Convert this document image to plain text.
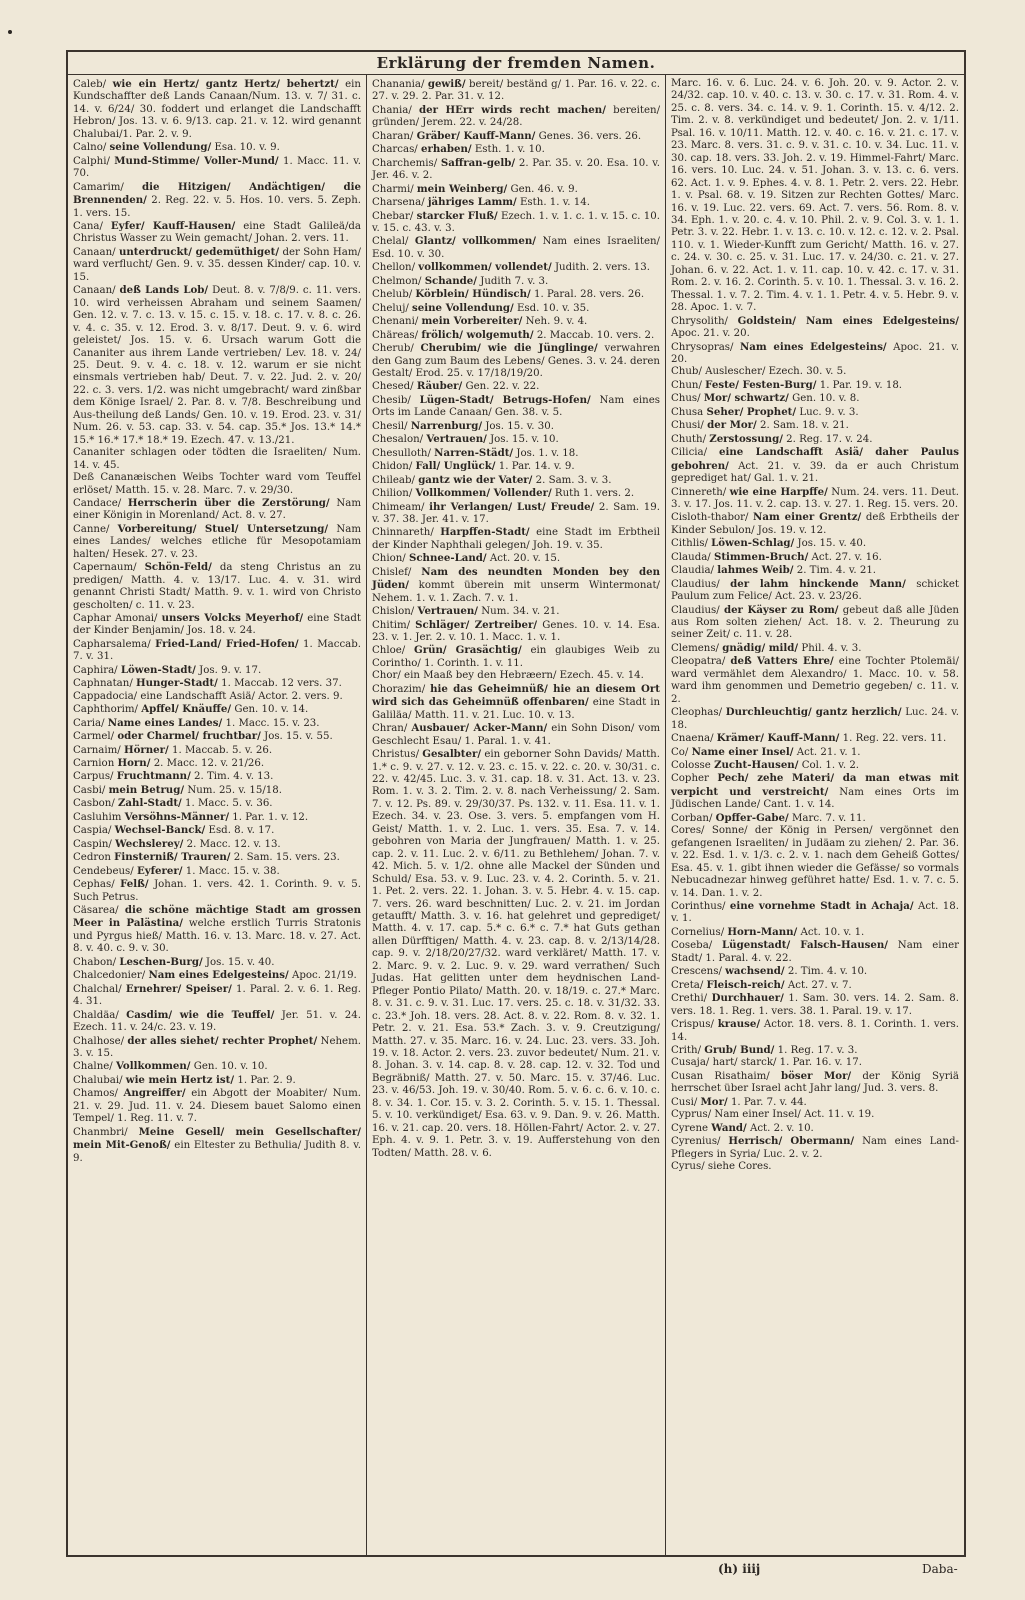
Erklärung der fremden Namen.
Caleb/ wie ein Hertz/ gantz Hertz/ behertzt/ ein Kundschaffter deß Lands Canaan/Num. 13. v. 7/ 31. c. 14. v. 6/24/ 30. foddert und erlanget die Landschafft Hebron/ Jos. 13. v. 6. 9/13. cap. 21. v. 12. wird genannt Chalubai/1. Par. 2. v. 9.
Calno/ seine Vollendung/ Esa. 10. v. 9.
Calphi/ Mund-Stimme/ Voller-Mund/ 1. Macc. 11. v. 70.
Camarim/ die Hitzigen/ Andächtigen/ die Brennenden/ 2. Reg. 22. v. 5. Hos. 10. vers. 5. Zeph. 1. vers. 15.
Cana/ Eyfer/ Kauff-Hausen/ eine Stadt Galileä/da Christus Wasser zu Wein gemacht/ Johan. 2. vers. 11.
Canaan/ unterdruckt/ gedemüthiget/ der Sohn Ham/ ward verflucht/ Gen. 9. v. 35. dessen Kinder/ cap. 10. v. 15.
Canaan/ deß Lands Lob/ Deut. 8. v. 7/8/9. c. 11. vers. 10. wird verheissen Abraham und seinem Saamen/ Gen. 12. v. 7. c. 13. v. 15. c. 15. v. 18. c. 17. v. 8. c. 26. v. 4. c. 35. v. 12. Erod. 3. v. 8/17. Deut. 9. v. 6. wird geleistet/ Jos. 15. v. 6. Ursach warum Gott die Cananiter aus ihrem Lande vertrieben/ Lev. 18. v. 24/ 25. Deut. 9. v. 4. c. 18. v. 12. warum er sie nicht einsmals vertrieben hab/ Deut. 7. v. 22. Jud. 2. v. 20/ 22. c. 3. vers. 1/2. was nicht umgebracht/ ward zinßbar dem Könige Israel/ 2. Par. 8. v. 7/8. Beschreibung und Aus-theilung deß Lands/ Gen. 10. v. 19. Erod. 23. v. 31/ Num. 26. v. 53. cap. 33. v. 54. cap. 35.* Jos. 13.* 14.* 15.* 16.* 17.* 18.* 19. Ezech. 47. v. 13./21.
Cananiter schlagen oder tödten die Israeliten/ Num. 14. v. 45.
Deß Cananæischen Weibs Tochter ward vom Teuffel erlöset/ Matth. 15. v. 28. Marc. 7. v. 29/30.
Candace/ Herrscherin über die Zerstörung/ Nam einer Königin in Morenland/ Act. 8. v. 27.
Canne/ Vorbereitung/ Stuel/ Untersetzung/ Nam eines Landes/ welches etliche für Mesopotamiam halten/ Hesek. 27. v. 23.
Capernaum/ Schön-Feld/ da steng Christus an zu predigen/ Matth. 4. v. 13/17. Luc. 4. v. 31. wird genannt Christi Stadt/ Matth. 9. v. 1. wird von Christo gescholten/ c. 11. v. 23.
Caphar Amonai/ unsers Volcks Meyerhof/ eine Stadt der Kinder Benjamin/ Jos. 18. v. 24.
Capharsalema/ Fried-Land/ Fried-Hofen/ 1. Maccab. 7. v. 31.
Caphira/ Löwen-Stadt/ Jos. 9. v. 17.
Caphnatan/ Hunger-Stadt/ 1. Maccab. 12 vers. 37.
Cappadocia/ eine Landschafft Asiä/ Actor. 2. vers. 9.
Caphthorim/ Apffel/ Knäuffe/ Gen. 10. v. 14.
Caria/ Name eines Landes/ 1. Macc. 15. v. 23.
Carmel/ oder Charmel/ fruchtbar/ Jos. 15. v. 55.
Carnaim/ Hörner/ 1. Maccab. 5. v. 26.
Carnion Horn/ 2. Macc. 12. v. 21/26.
Carpus/ Fruchtmann/ 2. Tim. 4. v. 13.
Casbi/ mein Betrug/ Num. 25. v. 15/18.
Casbon/ Zahl-Stadt/ 1. Macc. 5. v. 36.
Casluhim Versöhns-Männer/ 1. Par. 1. v. 12.
Caspia/ Wechsel-Banck/ Esd. 8. v. 17.
Caspin/ Wechslerey/ 2. Macc. 12. v. 13.
Cedron Finsterniß/ Trauren/ 2. Sam. 15. vers. 23.
Cendebeus/ Eyferer/ 1. Macc. 15. v. 38.
Cephas/ Felß/ Johan. 1. vers. 42. 1. Corinth. 9. v. 5. Such Petrus.
Cäsarea/ die schöne mächtige Stadt am grossen Meer in Palästina/ welche erstlich Turris Stratonis und Pyrgus hieß/ Matth. 16. v. 13. Marc. 18. v. 27. Act. 8. v. 40. c. 9. v. 30.
Chabon/ Leschen-Burg/ Jos. 15. v. 40.
Chalcedonier/ Nam eines Edelgesteins/ Apoc. 21/19.
Chalchal/ Ernehrer/ Speiser/ 1. Paral. 2. v. 6. 1. Reg. 4. 31.
Chaldäa/ Casdim/ wie die Teuffel/ Jer. 51. v. 24. Ezech. 11. v. 24/c. 23. v. 19.
Chalhose/ der alles siehet/ rechter Prophet/ Nehem. 3. v. 15.
Chalne/ Vollkommen/ Gen. 10. v. 10.
Chalubai/ wie mein Hertz ist/ 1. Par. 2. 9.
Chamos/ Angreiffer/ ein Abgott der Moabiter/ Num. 21. v. 29. Jud. 11. v. 24. Diesem bauet Salomo einen Tempel/ 1. Reg. 11. v. 7.
Chanmbri/ Meine Gesell/ mein Gesellschafter/ mein Mit-Genoß/ ein Eltester zu Bethulia/ Judith 8. v. 9.
Chanania/ gewiß/ bereit/ beständ g/ 1. Par. 16. v. 22. c. 27. v. 29. 2. Par. 31. v. 12.
Chania/ der HErr wirds recht machen/ bereiten/ gründen/ Jerem. 22. v. 24/28.
Charan/ Gräber/ Kauff-Mann/ Genes. 36. vers. 26.
Charcas/ erhaben/ Esth. 1. v. 10.
Charchemis/ Saffran-gelb/ 2. Par. 35. v. 20. Esa. 10. v. Jer. 46. v. 2.
Charmi/ mein Weinberg/ Gen. 46. v. 9.
Charsena/ jähriges Lamm/ Esth. 1. v. 14.
Chebar/ starcker Fluß/ Ezech. 1. v. 1. c. 1. v. 15. c. 10. v. 15. c. 43. v. 3.
Chelal/ Glantz/ vollkommen/ Nam eines Israeliten/ Esd. 10. v. 30.
Chellon/ vollkommen/ vollendet/ Judith. 2. vers. 13.
Chelmon/ Schande/ Judith 7. v. 3.
Chelub/ Körblein/ Hündisch/ 1. Paral. 28. vers. 26.
Cheluj/ seine Vollendung/ Esd. 10. v. 35.
Chenani/ mein Vorbereiter/ Neh. 9. v. 4.
Chäreas/ frölich/ wolgemuth/ 2. Maccab. 10. vers. 2.
Cherub/ Cherubim/ wie die Jünglinge/ verwahren den Gang zum Baum des Lebens/ Genes. 3. v. 24. deren Gestalt/ Erod. 25. v. 17/18/19/20.
Chesed/ Räuber/ Gen. 22. v. 22.
Chesib/ Lügen-Stadt/ Betrugs-Hofen/ Nam eines Orts im Lande Canaan/ Gen. 38. v. 5.
Chesil/ Narrenburg/ Jos. 15. v. 30.
Chesalon/ Vertrauen/ Jos. 15. v. 10.
Chesulloth/ Narren-Städt/ Jos. 1. v. 18.
Chidon/ Fall/ Unglück/ 1. Par. 14. v. 9.
Chileab/ gantz wie der Vater/ 2. Sam. 3. v. 3.
Chilion/ Vollkommen/ Vollender/ Ruth 1. vers. 2.
Chimeam/ ihr Verlangen/ Lust/ Freude/ 2. Sam. 19. v. 37. 38. Jer. 41. v. 17.
Chinnareth/ Harpffen-Stadt/ eine Stadt im Erbtheil der Kinder Naphthali gelegen/ Joh. 19. v. 35.
Chion/ Schnee-Land/ Act. 20. v. 15.
Chislef/ Nam des neundten Monden bey den Jüden/ kommt überein mit unserm Wintermonat/ Nehem. 1. v. 1. Zach. 7. v. 1.
Chislon/ Vertrauen/ Num. 34. v. 21.
Chitim/ Schläger/ Zertreiber/ Genes. 10. v. 14. Esa. 23. v. 1. Jer. 2. v. 10. 1. Macc. 1. v. 1.
Chloe/ Grün/ Grasächtig/ ein glaubiges Weib zu Corintho/ 1. Corinth. 1. v. 11.
Chor/ ein Maaß bey den Hebræern/ Ezech. 45. v. 14.
Chorazim/ hie das Geheimnüß/ hie an diesem Ort wird sich das Geheimnüß offenbaren/ eine Stadt in Galiläa/ Matth. 11. v. 21. Luc. 10. v. 13.
Chran/ Ausbauer/ Acker-Mann/ ein Sohn Dison/ vom Geschlecht Esau/ 1. Paral. 1. v. 41.
Christus/ Gesalbter/ ein geborner Sohn Davids/ Matth. 1.* c. 9. v. 27. v. 12. v. 23. c. 15. v. 22. c. 20. v. 30/31. c. 22. v. 42/45. Luc. 3. v. 31. cap. 18. v. 31. Act. 13. v. 23. Rom. 1. v. 3. 2. Tim. 2. v. 8. nach Verheissung/ 2. Sam. 7. v. 12. Ps. 89. v. 29/30/37. Ps. 132. v. 11. Esa. 11. v. 1. Ezech. 34. v. 23. Ose. 3. vers. 5. empfangen vom H. Geist/ Matth. 1. v. 2. Luc. 1. vers. 35. Esa. 7. v. 14. gebohren von Maria der Jungfrauen/ Matth. 1. v. 25. cap. 2. v. 11. Luc. 2. v. 6/11. zu Bethlehem/ Johan. 7. v. 42. Mich. 5. v. 1/2. ohne alle Mackel der Sünden und Schuld/ Esa. 53. v. 9. Luc. 23. v. 4. 2. Corinth. 5. v. 21. 1. Pet. 2. vers. 22. 1. Johan. 3. v. 5. Hebr. 4. v. 15. cap. 7. vers. 26. ward beschnitten/ Luc. 2. v. 21. im Jordan getaufft/ Matth. 3. v. 16. hat gelehret und geprediget/ Matth. 4. v. 17. cap. 5.* c. 6.* c. 7.* hat Guts gethan allen Dürfftigen/ Matth. 4. v. 23. cap. 8. v. 2/13/14/28. cap. 9. v. 2/18/20/27/32. ward verkläret/ Matth. 17. v. 2. Marc. 9. v. 2. Luc. 9. v. 29. ward verrathen/ Such Judas. Hat gelitten unter dem heydnischen Land-Pfleger Pontio Pilato/ Matth. 20. v. 18/19. c. 27.* Marc. 8. v. 31. c. 9. v. 31. Luc. 17. vers. 25. c. 18. v. 31/32. 33. c. 23.* Joh. 18. vers. 28. Act. 8. v. 22. Rom. 8. v. 32. 1. Petr. 2. v. 21. Esa. 53.* Zach. 3. v. 9. Creutzigung/ Matth. 27. v. 35. Marc. 16. v. 24. Luc. 23. vers. 33. Joh. 19. v. 18. Actor. 2. vers. 23. zuvor bedeutet/ Num. 21. v. 8. Johan. 3. v. 14. cap. 8. v. 28. cap. 12. v. 32. Tod und Begräbniß/ Matth. 27. v. 50. Marc. 15. v. 37/46. Luc. 23. v. 46/53. Joh. 19. v. 30/40. Rom. 5. v. 6. c. 6. v. 10. c. 8. v. 34. 1. Cor. 15. v. 3. 2. Corinth. 5. v. 15. 1. Thessal. 5. v. 10. verkündiget/ Esa. 63. v. 9. Dan. 9. v. 26. Matth. 16. v. 21. cap. 20. vers. 18. Höllen-Fahrt/ Actor. 2. v. 27. Eph. 4. v. 9. 1. Petr. 3. v. 19. Aufferstehung von den Todten/ Matth. 28. v. 6.
Marc. 16. v. 6. Luc. 24. v. 6. Joh. 20. v. 9. Actor. 2. v. 24/32. cap. 10. v. 40. c. 13. v. 30. c. 17. v. 31. Rom. 4. v. 25. c. 8. vers. 34. c. 14. v. 9. 1. Corinth. 15. v. 4/12. 2. Tim. 2. v. 8. verkündiget und bedeutet/ Jon. 2. v. 1/11. Psal. 16. v. 10/11. Matth. 12. v. 40. c. 16. v. 21. c. 17. v. 23. Marc. 8. vers. 31. c. 9. v. 31. c. 10. v. 34. Luc. 11. v. 30. cap. 18. vers. 33. Joh. 2. v. 19. Himmel-Fahrt/ Marc. 16. vers. 10. Luc. 24. v. 51. Johan. 3. v. 13. c. 6. vers. 62. Act. 1. v. 9. Ephes. 4. v. 8. 1. Petr. 2. vers. 22. Hebr. 1. v. Psal. 68. v. 19. Sitzen zur Rechten Gottes/ Marc. 16. v. 19. Luc. 22. vers. 69. Act. 7. vers. 56. Rom. 8. v. 34. Eph. 1. v. 20. c. 4. v. 10. Phil. 2. v. 9. Col. 3. v. 1. 1. Petr. 3. v. 22. Hebr. 1. v. 13. c. 10. v. 12. c. 12. v. 2. Psal. 110. v. 1. Wieder-Kunfft zum Gericht/ Matth. 16. v. 27. c. 24. v. 30. c. 25. v. 31. Luc. 17. v. 24/30. c. 21. v. 27. Johan. 6. v. 22. Act. 1. v. 11. cap. 10. v. 42. c. 17. v. 31. Rom. 2. v. 16. 2. Corinth. 5. v. 10. 1. Thessal. 3. v. 16. 2. Thessal. 1. v. 7. 2. Tim. 4. v. 1. 1. Petr. 4. v. 5. Hebr. 9. v. 28. Apoc. 1. v. 7.
Chrysolith/ Goldstein/ Nam eines Edelgesteins/ Apoc. 21. v. 20.
Chrysopras/ Nam eines Edelgesteins/ Apoc. 21. v. 20.
Chub/ Auslescher/ Ezech. 30. v. 5.
Chun/ Feste/ Festen-Burg/ 1. Par. 19. v. 18.
Chus/ Mor/ schwartz/ Gen. 10. v. 8.
Chusa Seher/ Prophet/ Luc. 9. v. 3.
Chusi/ der Mor/ 2. Sam. 18. v. 21.
Chuth/ Zerstossung/ 2. Reg. 17. v. 24.
Cilicia/ eine Landschafft Asiä/ daher Paulus gebohren/ Act. 21. v. 39. da er auch Christum geprediget hat/ Gal. 1. v. 21.
Cinnereth/ wie eine Harpffe/ Num. 24. vers. 11. Deut. 3. v. 17. Jos. 11. v. 2. cap. 13. v. 27. 1. Reg. 15. vers. 20.
Cisloth-thabor/ Nam einer Grentz/ deß Erbtheils der Kinder Sebulon/ Jos. 19. v. 12.
Cithlis/ Löwen-Schlag/ Jos. 15. v. 40.
Clauda/ Stimmen-Bruch/ Act. 27. v. 16.
Claudia/ lahmes Weib/ 2. Tim. 4. v. 21.
Claudius/ der lahm hinckende Mann/ schicket Paulum zum Felice/ Act. 23. v. 23/26.
Claudius/ der Käyser zu Rom/ gebeut daß alle Jüden aus Rom solten ziehen/ Act. 18. v. 2. Theurung zu seiner Zeit/ c. 11. v. 28.
Clemens/ gnädig/ mild/ Phil. 4. v. 3.
Cleopatra/ deß Vatters Ehre/ eine Tochter Ptolemäi/ ward vermählet dem Alexandro/ 1. Macc. 10. v. 58. ward ihm genommen und Demetrio gegeben/ c. 11. v. 2.
Cleophas/ Durchleuchtig/ gantz herzlich/ Luc. 24. v. 18.
Cnaena/ Krämer/ Kauff-Mann/ 1. Reg. 22. vers. 11.
Co/ Name einer Insel/ Act. 21. v. 1.
Colosse Zucht-Hausen/ Col. 1. v. 2.
Copher Pech/ zehe Materi/ da man etwas mit verpicht und verstreicht/ Nam eines Orts im Jüdischen Lande/ Cant. 1. v. 14.
Corban/ Opffer-Gabe/ Marc. 7. v. 11.
Cores/ Sonne/ der König in Persen/ vergönnet den gefangenen Israeliten/ in Judäam zu ziehen/ 2. Par. 36. v. 22. Esd. 1. v. 1/3. c. 2. v. 1. nach dem Geheiß Gottes/ Esa. 45. v. 1. gibt ihnen wieder die Gefässe/ so vormals Nebucadnezar hinweg geführet hatte/ Esd. 1. v. 7. c. 5. v. 14. Dan. 1. v. 2.
Corinthus/ eine vornehme Stadt in Achaja/ Act. 18. v. 1.
Cornelius/ Horn-Mann/ Act. 10. v. 1.
Coseba/ Lügenstadt/ Falsch-Hausen/ Nam einer Stadt/ 1. Paral. 4. v. 22.
Crescens/ wachsend/ 2. Tim. 4. v. 10.
Creta/ Fleisch-reich/ Act. 27. v. 7.
Crethi/ Durchhauer/ 1. Sam. 30. vers. 14. 2. Sam. 8. vers. 18. 1. Reg. 1. vers. 38. 1. Paral. 19. v. 17.
Crispus/ krause/ Actor. 18. vers. 8. 1. Corinth. 1. vers. 14.
Crith/ Grub/ Bund/ 1. Reg. 17. v. 3.
Cusaja/ hart/ starck/ 1. Par. 16. v. 17.
Cusan Risathaim/ böser Mor/ der König Syriä herrschet über Israel acht Jahr lang/ Jud. 3. vers. 8.
Cusi/ Mor/ 1. Par. 7. v. 44.
Cyprus/ Nam einer Insel/ Act. 11. v. 19.
Cyrene Wand/ Act. 2. v. 10.
Cyrenius/ Herrisch/ Obermann/ Nam eines Land-Pflegers in Syria/ Luc. 2. v. 2.
Cyrus/ siehe Cores.
(h) iiij	Daba-
